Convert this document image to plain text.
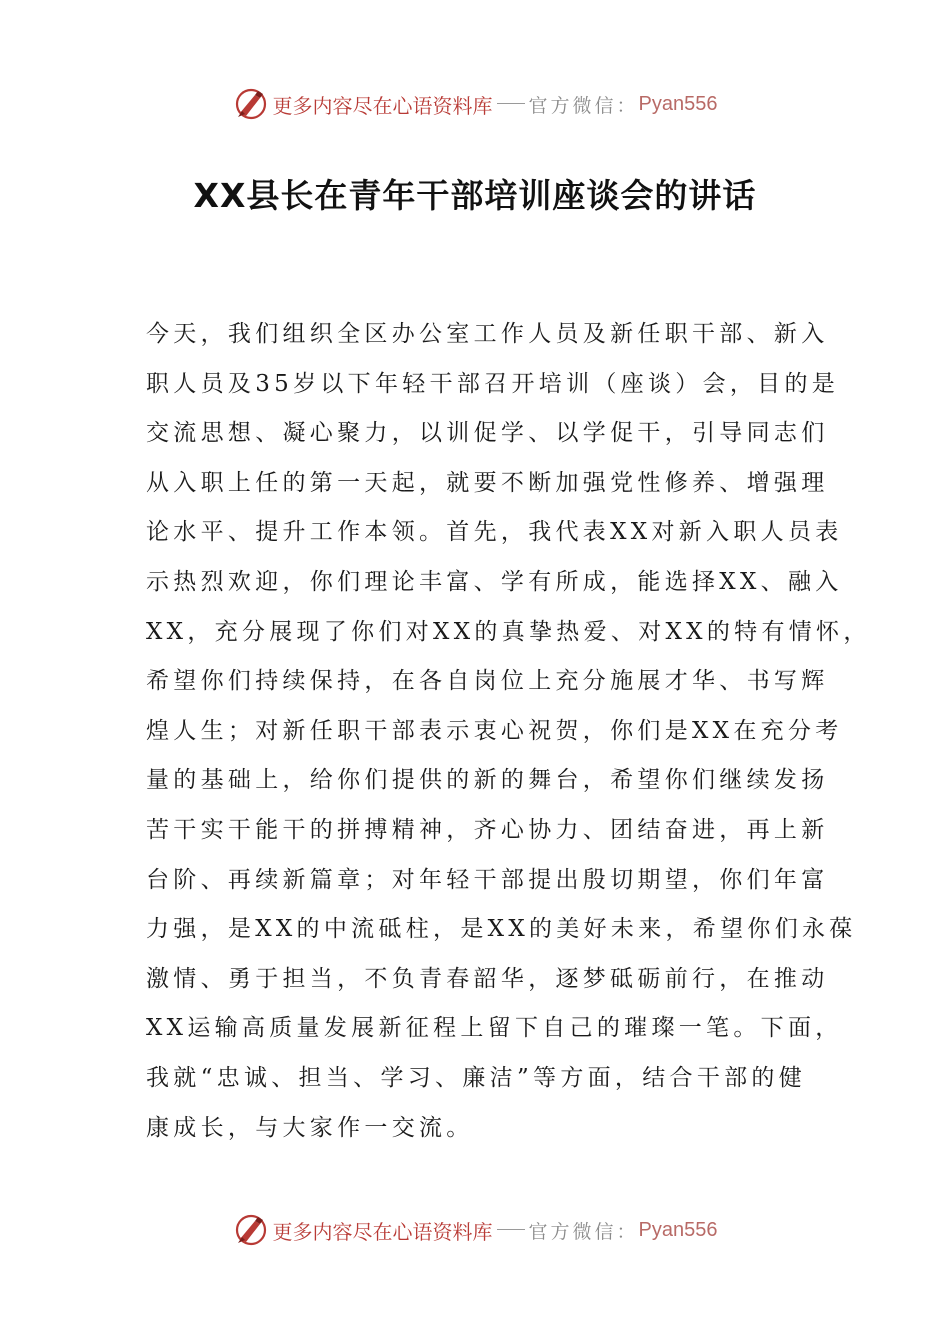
更多内容尽在心语资料库 官方微信： Pyan556
XX县长在青年干部培训座谈会的讲话
今天，我们组织全区办公室工作人员及新任职干部、新入
职人员及35岁以下年轻干部召开培训（座谈）会，目的是
交流思想、凝心聚力，以训促学、以学促干，引导同志们
从入职上任的第一天起，就要不断加强党性修养、增强理
论水平、提升工作本领。首先，我代表XX对新入职人员表
示热烈欢迎，你们理论丰富、学有所成，能选择XX、融入
XX，充分展现了你们对XX的真挚热爱、对XX的特有情怀，
希望你们持续保持，在各自岗位上充分施展才华、书写辉
煌人生；对新任职干部表示衷心祝贺，你们是XX在充分考
量的基础上，给你们提供的新的舞台，希望你们继续发扬
苦干实干能干的拼搏精神，齐心协力、团结奋进，再上新
台阶、再续新篇章；对年轻干部提出殷切期望，你们年富
力强，是XX的中流砥柱，是XX的美好未来，希望你们永葆
激情、勇于担当，不负青春韶华，逐梦砥砺前行，在推动
XX运输高质量发展新征程上留下自己的璀璨一笔。下面，
我就“忠诚、担当、学习、廉洁”等方面，结合干部的健
康成长，与大家作一交流。
更多内容尽在心语资料库 官方微信： Pyan556
